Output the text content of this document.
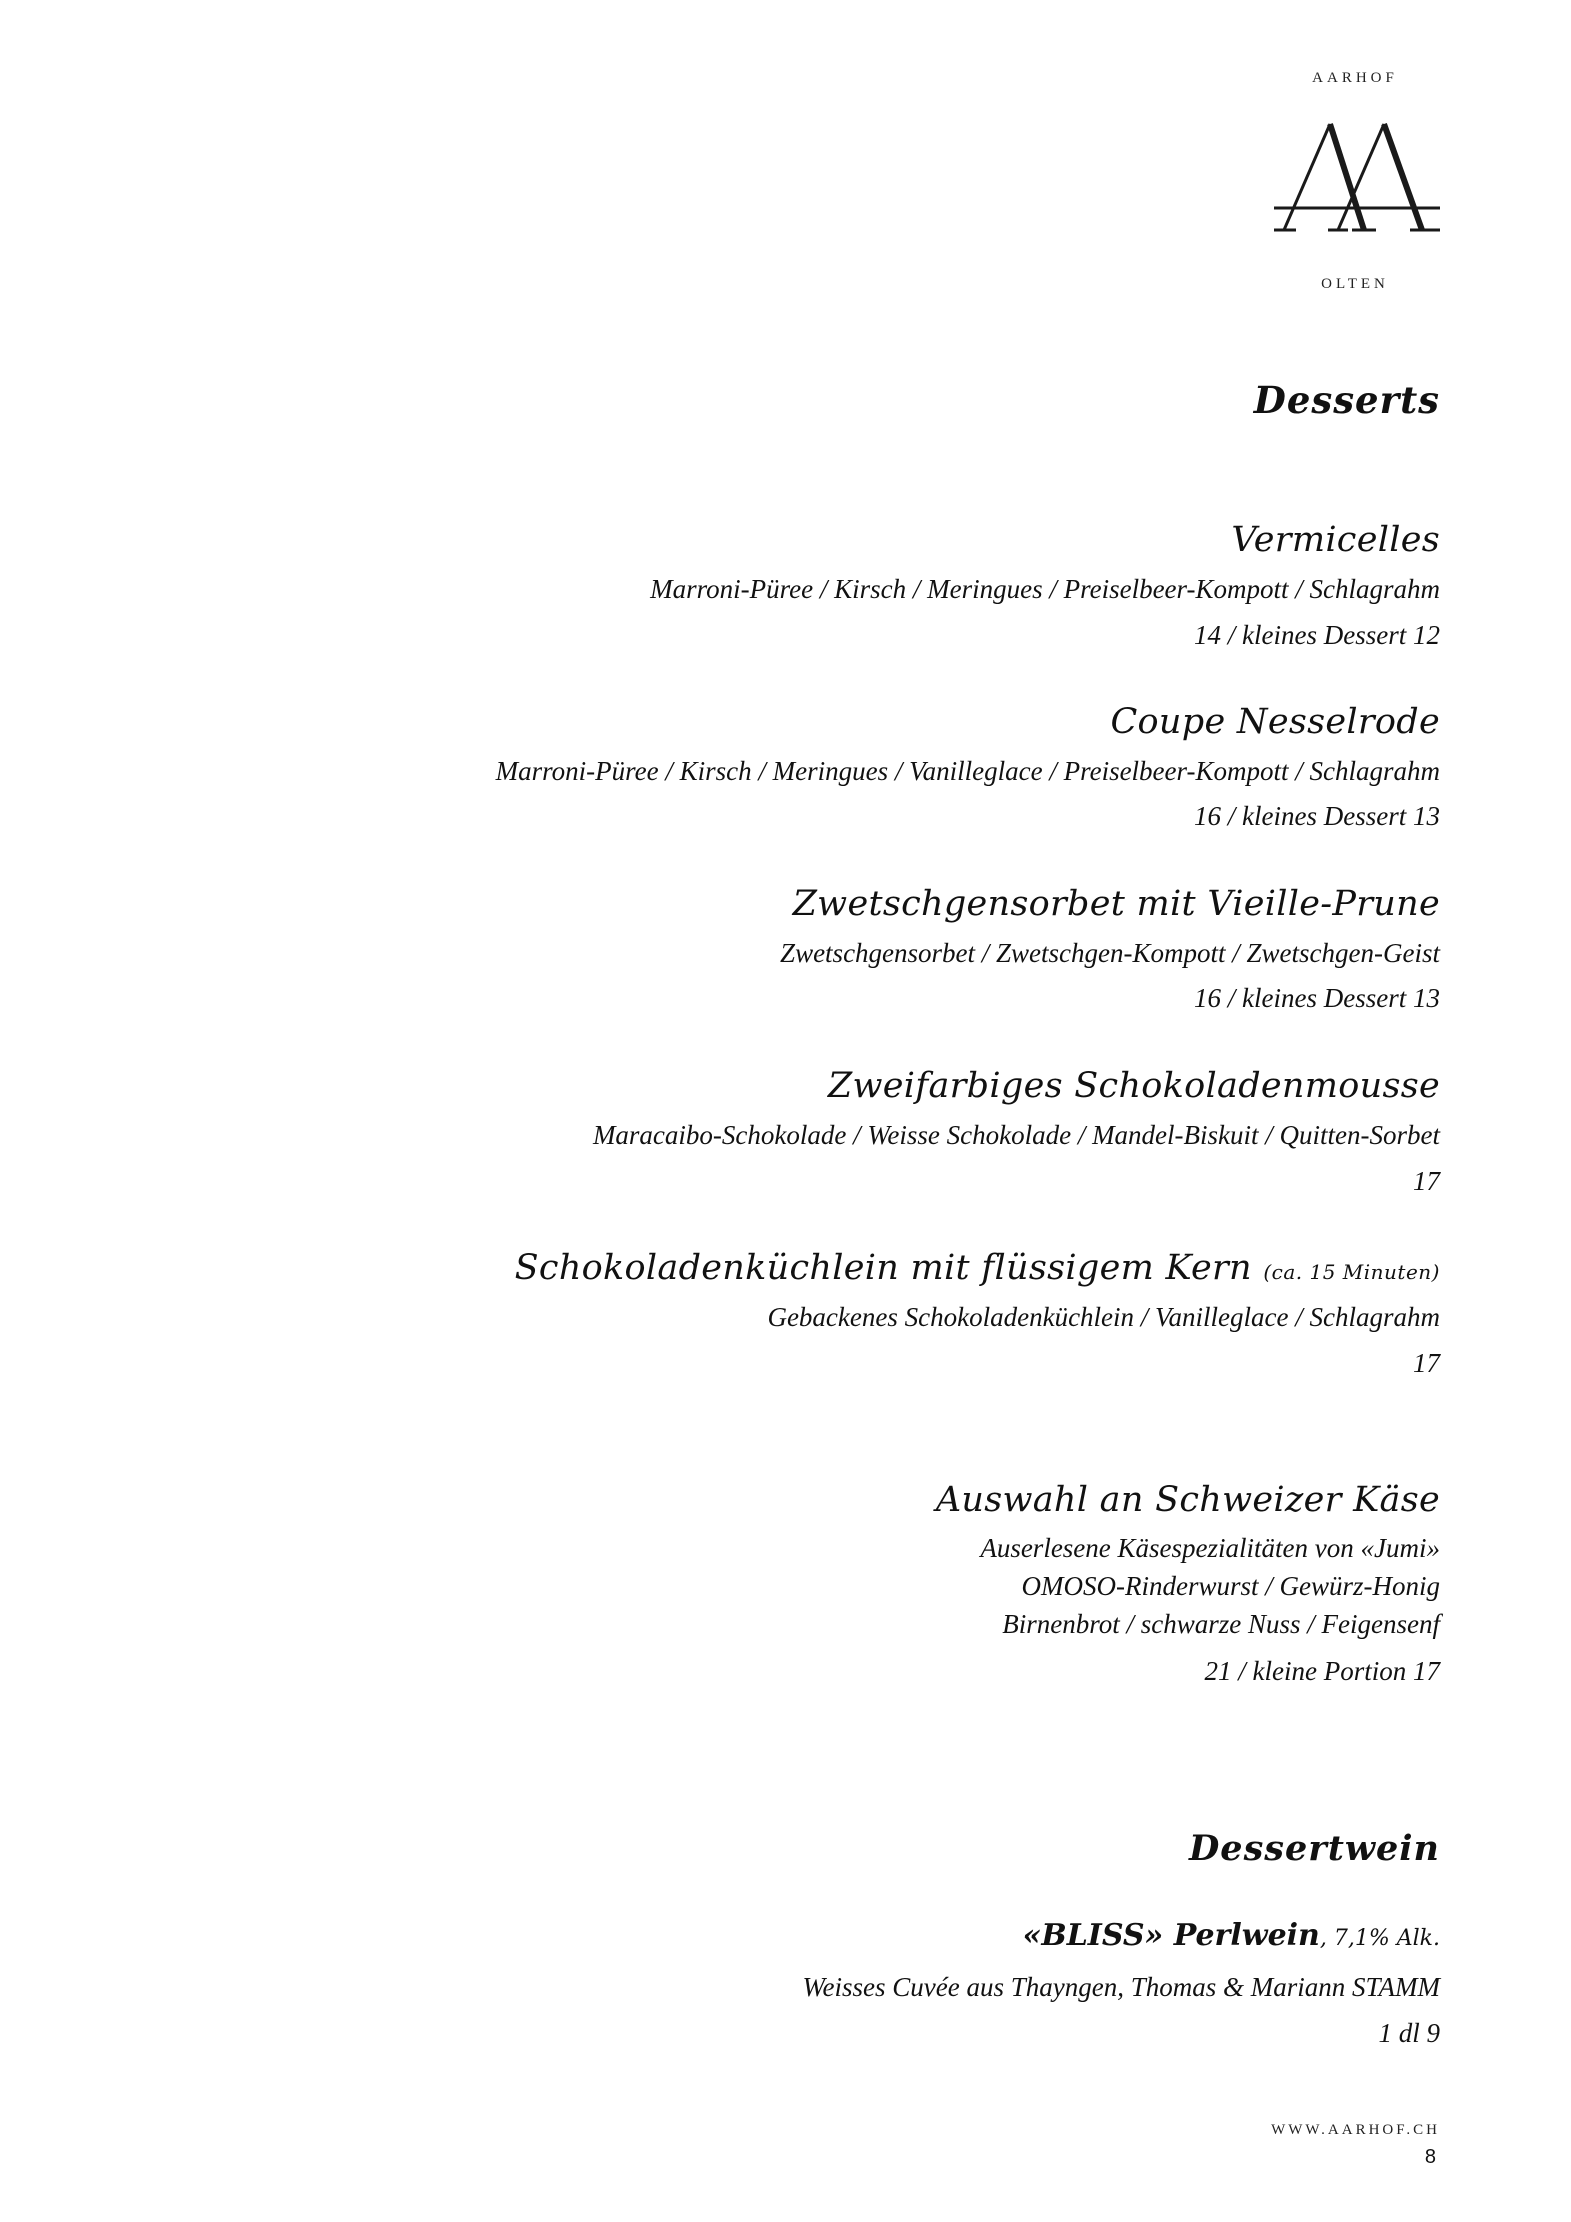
AARHOF
OLTEN
Desserts
Vermicelles
Marroni-Püree / Kirsch / Meringues / Preiselbeer-Kompott / Schlagrahm
14 / kleines Dessert 12
Coupe Nesselrode
Marroni-Püree / Kirsch / Meringues / Vanilleglace / Preiselbeer-Kompott / Schlagrahm
16 / kleines Dessert 13
Zwetschgensorbet mit Vieille-Prune
Zwetschgensorbet / Zwetschgen-Kompott / Zwetschgen-Geist
16 / kleines Dessert 13
Zweifarbiges Schokoladenmousse
Maracaibo-Schokolade / Weisse Schokolade / Mandel-Biskuit / Quitten-Sorbet
17
Schokoladenküchlein mit flüssigem Kern (ca. 15 Minuten)
Gebackenes Schokoladenküchlein / Vanilleglace / Schlagrahm
17
Auswahl an Schweizer Käse
Auserlesene Käsespezialitäten von «Jumi»
OMOSO-Rinderwurst / Gewürz-Honig
Birnenbrot / schwarze Nuss / Feigensenf
21 / kleine Portion 17
Dessertwein
«BLISS» Perlwein, 7,1% Alk.
Weisses Cuvée aus Thayngen, Thomas & Mariann STAMM
1 dl 9
WWW.AARHOF.CH
8
